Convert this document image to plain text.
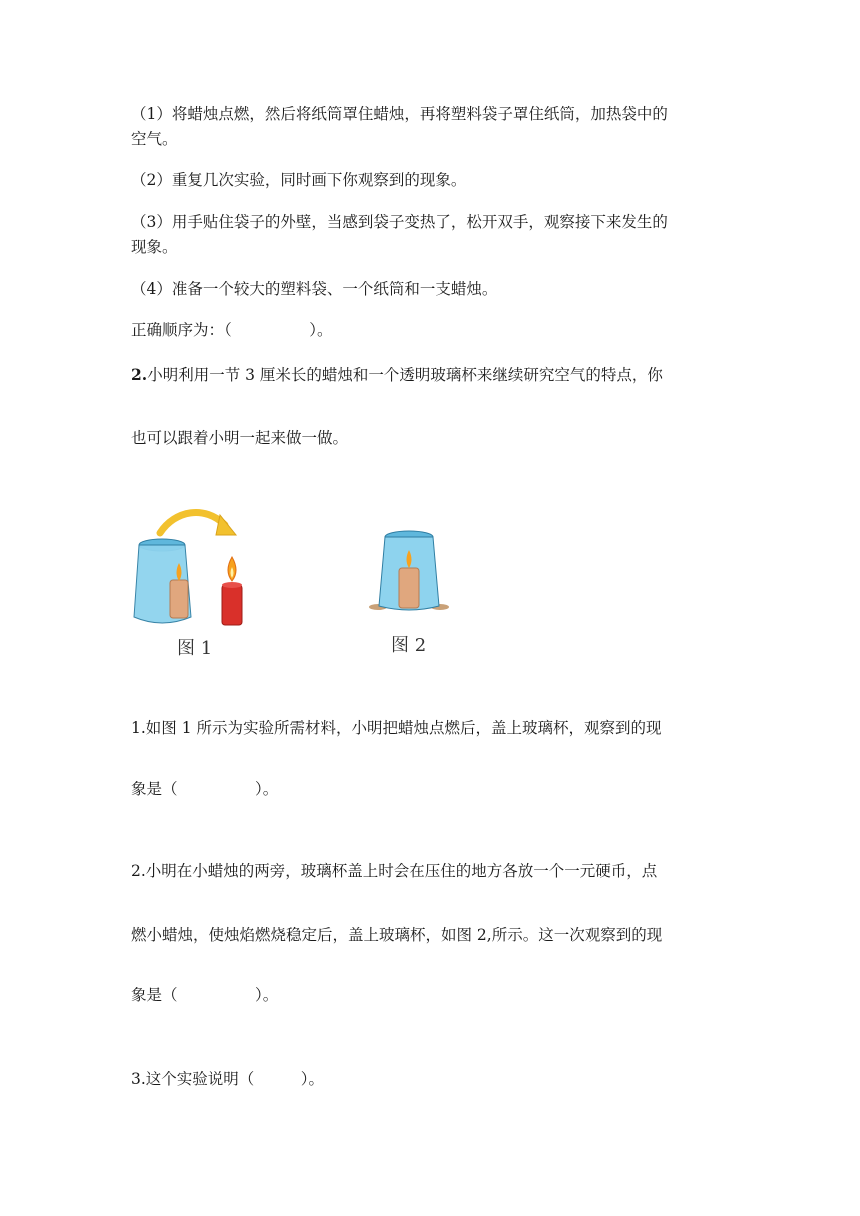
（1）将蜡烛点燃，然后将纸筒罩住蜡烛，再将塑料袋子罩住纸筒，加热袋中的
空气。
（2）重复几次实验，同时画下你观察到的现象。
（3）用手贴住袋子的外壁，当感到袋子变热了，松开双手，观察接下来发生的
现象。
（4）准备一个较大的塑料袋、一个纸筒和一支蜡烛。
正确顺序为：（　　　　　）。
2.小明利用一节 3 厘米长的蜡烛和一个透明玻璃杯来继续研究空气的特点，你
也可以跟着小明一起来做一做。
图 1	图 2
1.如图 1 所示为实验所需材料，小明把蜡烛点燃后，盖上玻璃杯，观察到的现
象是（　　　　　）。
2.小明在小蜡烛的两旁，玻璃杯盖上时会在压住的地方各放一个一元硬币，点
燃小蜡烛，使烛焰燃烧稳定后，盖上玻璃杯，如图 2,所示。这一次观察到的现
象是（　　　　　）。
3.这个实验说明（　　　）。
